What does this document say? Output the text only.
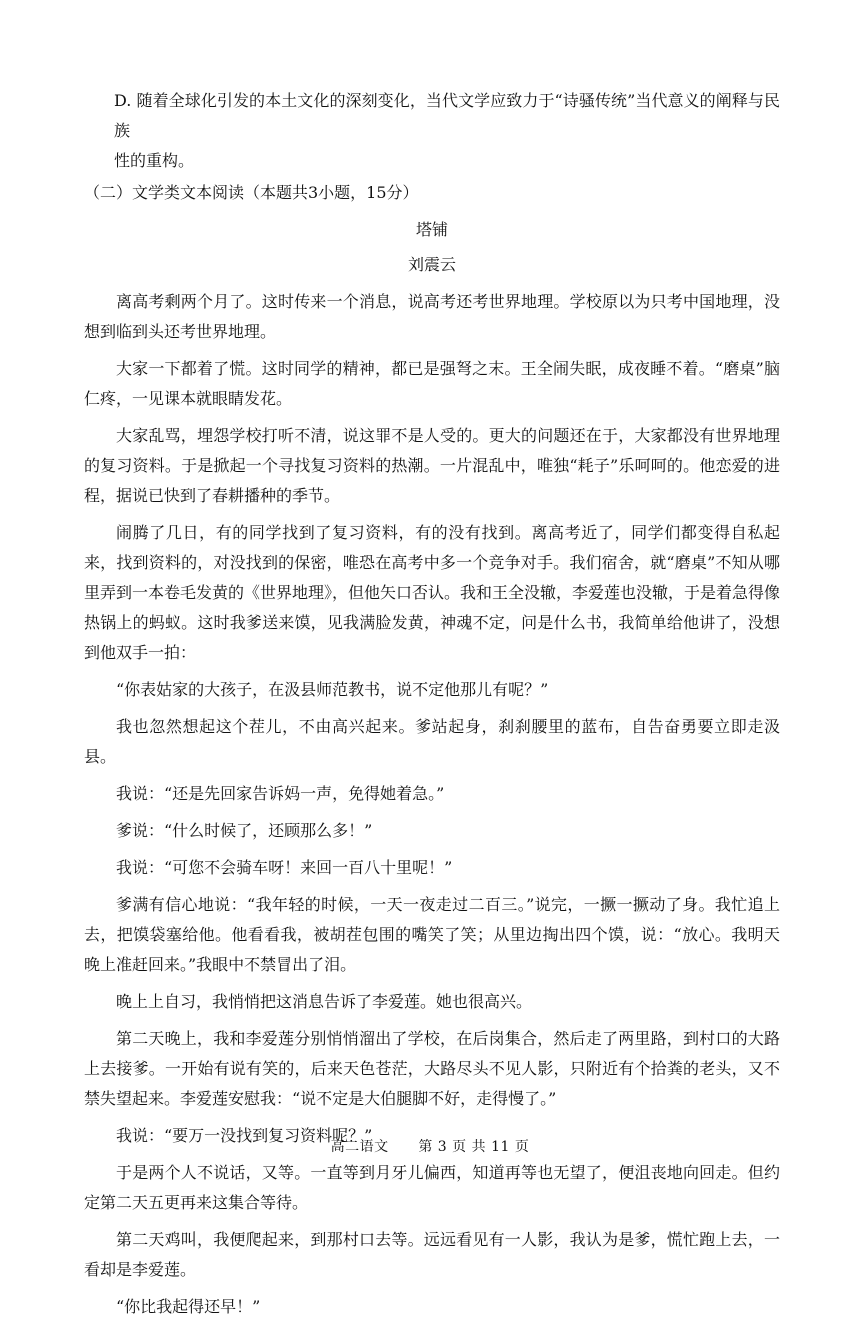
D. 随着全球化引发的本土文化的深刻变化，当代文学应致力于“诗骚传统”当代意义的阐释与民族

性的重构。

（二）文学类文本阅读（本题共3小题，15分）

塔铺

刘震云

离高考剩两个月了。这时传来一个消息，说高考还考世界地理。学校原以为只考中国地理，没想到临到头还考世界地理。

大家一下都着了慌。这时同学的精神，都已是强弩之末。王全闹失眠，成夜睡不着。“磨桌”脑仁疼，一见课本就眼睛发花。

大家乱骂，埋怨学校打听不清，说这罪不是人受的。更大的问题还在于，大家都没有世界地理的复习资料。于是掀起一个寻找复习资料的热潮。一片混乱中，唯独“耗子”乐呵呵的。他恋爱的进程，据说已快到了春耕播种的季节。

闹腾了几日，有的同学找到了复习资料，有的没有找到。离高考近了，同学们都变得自私起来，找到资料的，对没找到的保密，唯恐在高考中多一个竞争对手。我们宿舍，就“磨桌”不知从哪里弄到一本卷毛发黄的《世界地理》，但他矢口否认。我和王全没辙，李爱莲也没辙，于是着急得像热锅上的蚂蚁。这时我爹送来馍，见我满脸发黄，神魂不定，问是什么书，我简单给他讲了，没想到他双手一拍：

“你表姑家的大孩子，在汲县师范教书，说不定他那儿有呢？”

我也忽然想起这个茬儿，不由高兴起来。爹站起身，刹刹腰里的蓝布，自告奋勇要立即走汲县。

我说：“还是先回家告诉妈一声，免得她着急。”

爹说：“什么时候了，还顾那么多！”

我说：“可您不会骑车呀！来回一百八十里呢！”

爹满有信心地说：“我年轻的时候，一天一夜走过二百三。”说完，一撅一撅动了身。我忙追上去，把馍袋塞给他。他看看我，被胡茬包围的嘴笑了笑；从里边掏出四个馍，说：“放心。我明天晚上准赶回来。”我眼中不禁冒出了泪。

晚上上自习，我悄悄把这消息告诉了李爱莲。她也很高兴。

第二天晚上，我和李爱莲分别悄悄溜出了学校，在后岗集合，然后走了两里路，到村口的大路上去接爹。一开始有说有笑的，后来天色苍茫，大路尽头不见人影，只附近有个拾粪的老头，又不禁失望起来。李爱莲安慰我：“说不定是大伯腿脚不好，走得慢了。”

我说：“要万一没找到复习资料呢？”

于是两个人不说话，又等。一直等到月牙儿偏西，知道再等也无望了，便沮丧地向回走。但约定第二天五更再来这集合等待。

第二天鸡叫，我便爬起来，到那村口去等。远远看见有一人影，我认为是爹，慌忙跑上去，一看却是李爱莲。

“你比我起得还早！”

高二语文 第 3 页 共 11 页
